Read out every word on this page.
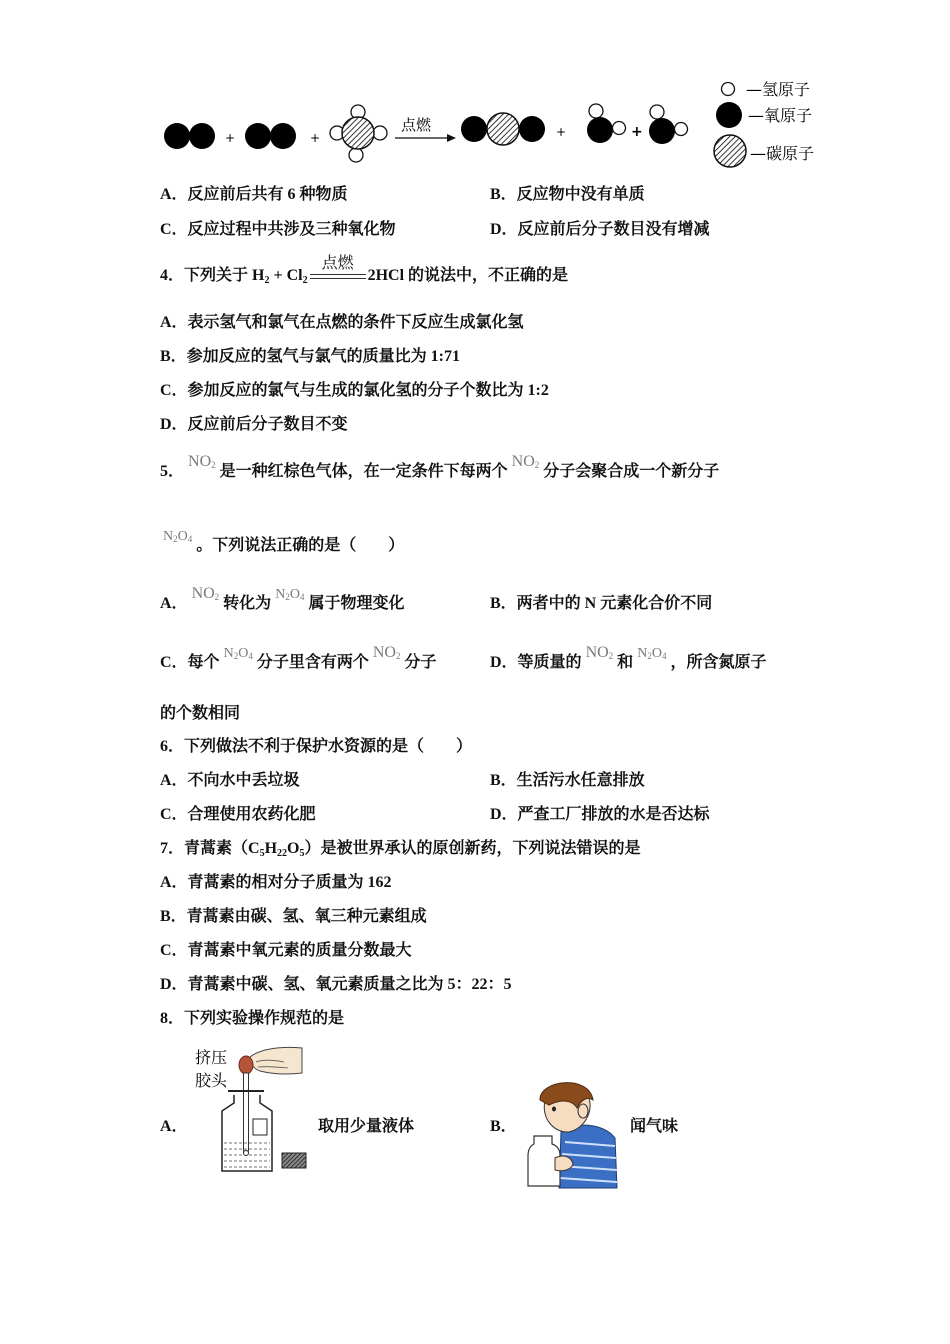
+	+
点燃	+	+
—氢原子
—氧原子
—碳原子
A．反应前后共有 6 种物质	B．反应物中没有单质
C．反应过程中共涉及三种氧化物	D．反应前后分子数目没有增减
4．下列关于 $H_2 + Cl_2$
点燃
2HCl 的说法中，不正确的是
A．表示氢气和氯气在点燃的条件下反应生成氯化氢
B．参加反应的氢气与氯气的质量比为 1:71
C．参加反应的氯气与生成的氯化氢的分子个数比为 1:2
D．反应前后分子数目不变
5．NO2 是一种红棕色气体，在一定条件下每两个NO2 分子会聚合成一个新分子
N2O4 。下列说法正确的是（　　）
A．NO2 转化为N2O4 属于物理变化	B．两者中的 N 元素化合价不同
C．每个N2O4 分子里含有两个NO2 分子	D．等质量的NO2 和N2O4 ，所含氮原子
的个数相同
6．下列做法不利于保护水资源的是（　　）
A．不向水中丢垃圾	B．生活污水任意排放
C．合理使用农药化肥	D．严查工厂排放的水是否达标
7．青蒿素$(C_5H_{22}O_5)$是被世界承认的原创新药，下列说法错误的是
A．青蒿素的相对分子质量为 162
B．青蒿素由碳、氢、氧三种元素组成
C．青蒿素中氧元素的质量分数最大
D．青蒿素中碳、氢、氧元素质量之比为 5：22：5
8．下列实验操作规范的是
A．
挤压
胶头
取用少量液体	B．	闻气味
